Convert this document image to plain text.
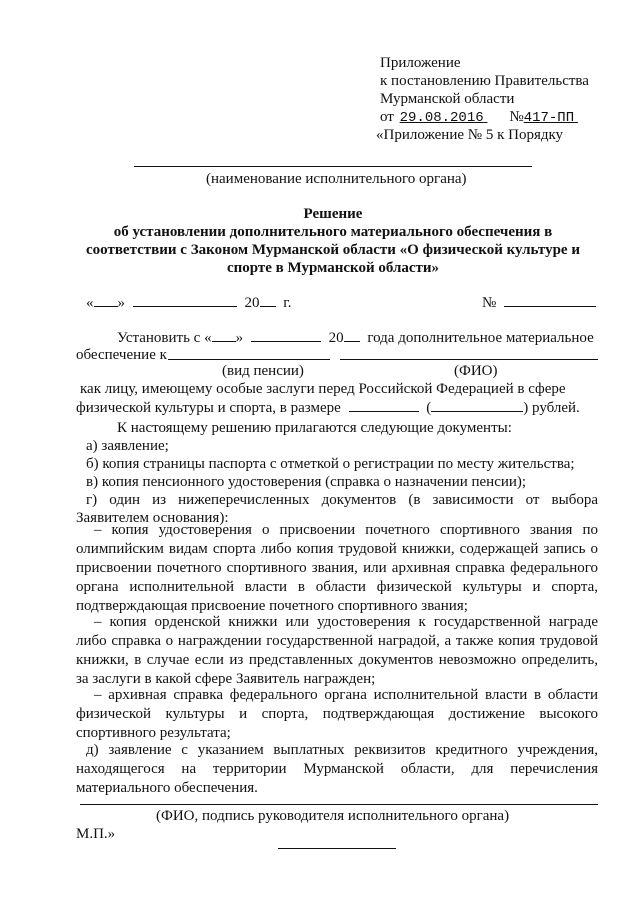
Приложение
к постановлению Правительства
Мурманской области
от 29.08.2016 №417-ПП
«Приложение № 5 к Порядку
(наименование исполнительного органа)
Решение
об установлении дополнительного материального обеспечения в
соответствии с Законом Мурманской области «О физической культуре и
спорте в Мурманской области»
« »	20 г.	№
Установить с « »	20 года дополнительное материальное
обеспечение к
(вид пенсии)	(ФИО)
как лицу, имеющему особые заслуги перед Российской Федерацией в сфере
физической культуры и спорта, в размере	(	) рублей.
К настоящему решению прилагаются следующие документы:
а) заявление;
б) копия страницы паспорта с отметкой о регистрации по месту жительства;
в) копия пенсионного удостоверения (справка о назначении пенсии);
г) один из нижеперечисленных документов (в зависимости от выбора
Заявителем основания):
– копия удостоверения о присвоении почетного спортивного звания по олимпийским видам спорта либо копия трудовой книжки, содержащей запись о присвоении почетного спортивного звания, или архивная справка федерального органа исполнительной власти в области физической культуры и спорта, подтверждающая присвоение почетного спортивного звания;
– копия орденской книжки или удостоверения к государственной награде либо справка о награждении государственной наградой, а также копия трудовой книжки, в случае если из представленных документов невозможно определить, за заслуги в какой сфере Заявитель награжден;
– архивная справка федерального органа исполнительной власти в области физической культуры и спорта, подтверждающая достижение высокого спортивного результата;
д) заявление с указанием выплатных реквизитов кредитного учреждения, находящегося на территории Мурманской области, для перечисления материального обеспечения.
(ФИО, подпись руководителя исполнительного органа)
М.П.»
